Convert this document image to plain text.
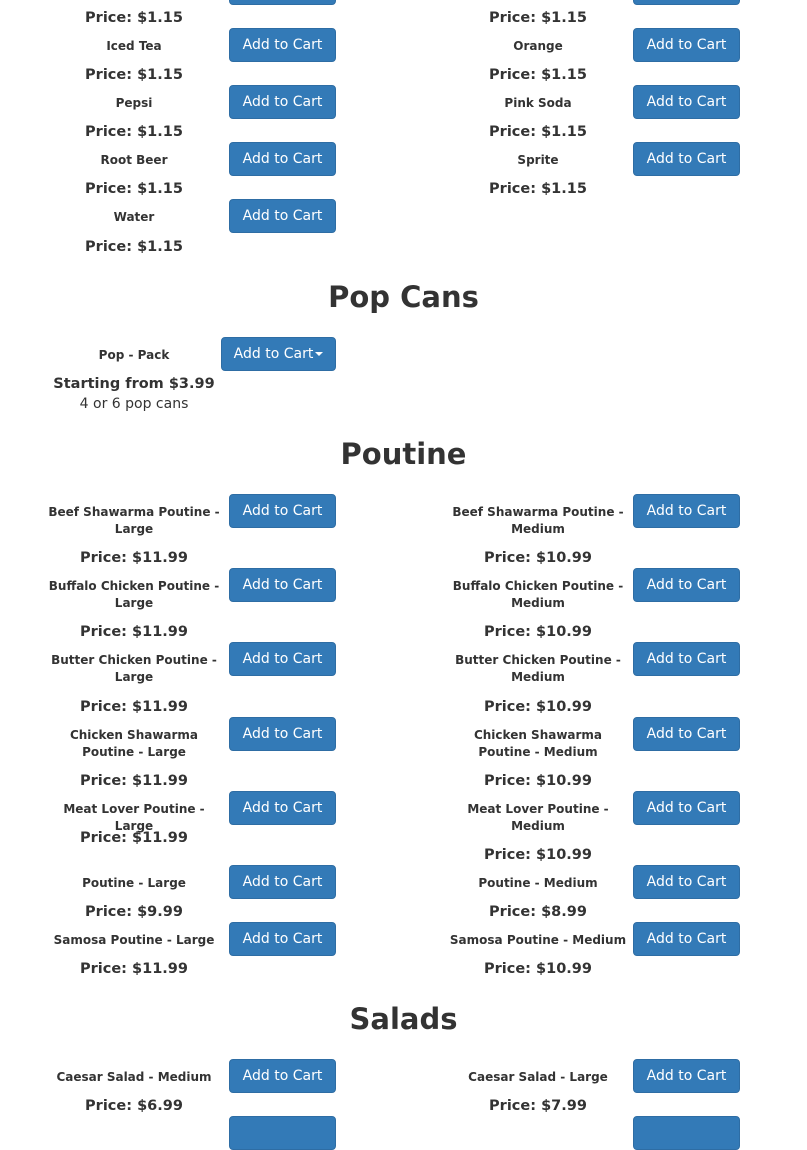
Price: $1.15	Price: $1.15
Iced Tea	Add to Cart
Price: $1.15
Pepsi	Add to Cart
Price: $1.15
Root Beer	Add to Cart
Price: $1.15
Water	Add to Cart
Price: $1.15
Orange	Add to Cart
Price: $1.15
Pink Soda	Add to Cart
Price: $1.15
Sprite	Add to Cart
Price: $1.15
Pop Cans
Pop - Pack	Add to Cart
Starting from $3.99
4 or 6 pop cans
Poutine
Beef Shawarma Poutine - Large
Add to Cart
Price: $11.99
Buffalo Chicken Poutine - Large
Add to Cart
Price: $11.99
Butter Chicken Poutine - Large
Add to Cart
Price: $11.99
Chicken Shawarma Poutine - Large
Add to Cart
Price: $11.99
Meat Lover Poutine - Large
Add to Cart
Price: $11.99
Poutine - Large	Add to Cart
Price: $9.99
Samosa Poutine - Large	Add to Cart
Price: $11.99
Beef Shawarma Poutine - Medium
Add to Cart
Price: $10.99
Buffalo Chicken Poutine - Medium
Add to Cart
Price: $10.99
Butter Chicken Poutine - Medium
Add to Cart
Price: $10.99
Chicken Shawarma Poutine - Medium
Add to Cart
Price: $10.99
Meat Lover Poutine - Medium
Add to Cart
Price: $10.99
Poutine - Medium	Add to Cart
Price: $8.99
Samosa Poutine - Medium	Add to Cart
Price: $10.99
Salads
Caesar Salad - Medium	Add to Cart
Price: $6.99
Caesar Salad - Large	Add to Cart
Price: $7.99
